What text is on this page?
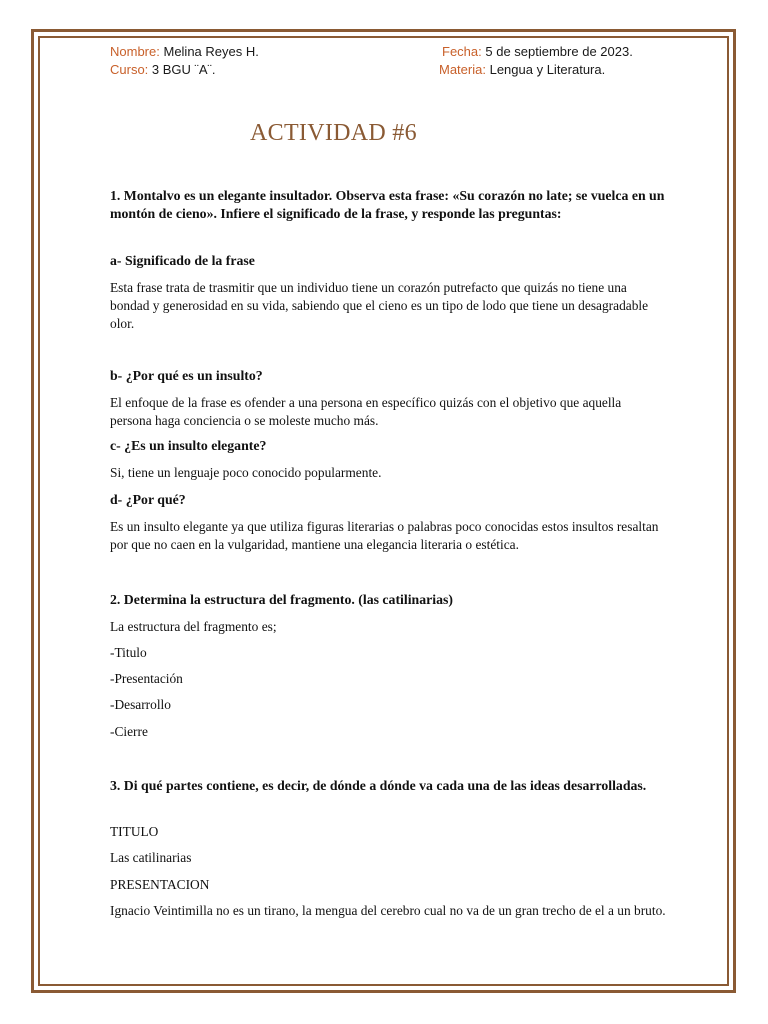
Nombre: Melina Reyes H.	Fecha: 5 de septiembre de 2023.
Curso: 3 BGU ¨A¨.	Materia: Lengua y Literatura.
ACTIVIDAD #6
1. Montalvo es un elegante insultador. Observa esta frase: «Su corazón no late; se vuelca en un montón de cieno». Infiere el significado de la frase, y responde las preguntas:
a- Significado de la frase
Esta frase trata de trasmitir que un individuo tiene un corazón putrefacto que quizás no tiene una bondad y generosidad en su vida, sabiendo que el cieno es un tipo de lodo que tiene un desagradable olor.
b- ¿Por qué es un insulto?
El enfoque de la frase es ofender a una persona en específico quizás con el objetivo que aquella persona haga conciencia o se moleste mucho más.
c- ¿Es un insulto elegante?
Si, tiene un lenguaje poco conocido popularmente.
d- ¿Por qué?
Es un insulto elegante ya que utiliza figuras literarias o palabras poco conocidas estos insultos resaltan por que no caen en la vulgaridad, mantiene una elegancia literaria o estética.
2. Determina la estructura del fragmento. (las catilinarias)
La estructura del fragmento es;
-Titulo
-Presentación
-Desarrollo
-Cierre
3. Di qué partes contiene, es decir, de dónde a dónde va cada una de las ideas desarrolladas.
TITULO
Las catilinarias
PRESENTACION
Ignacio Veintimilla no es un tirano, la mengua del cerebro cual no va de un gran trecho de el a un bruto.
